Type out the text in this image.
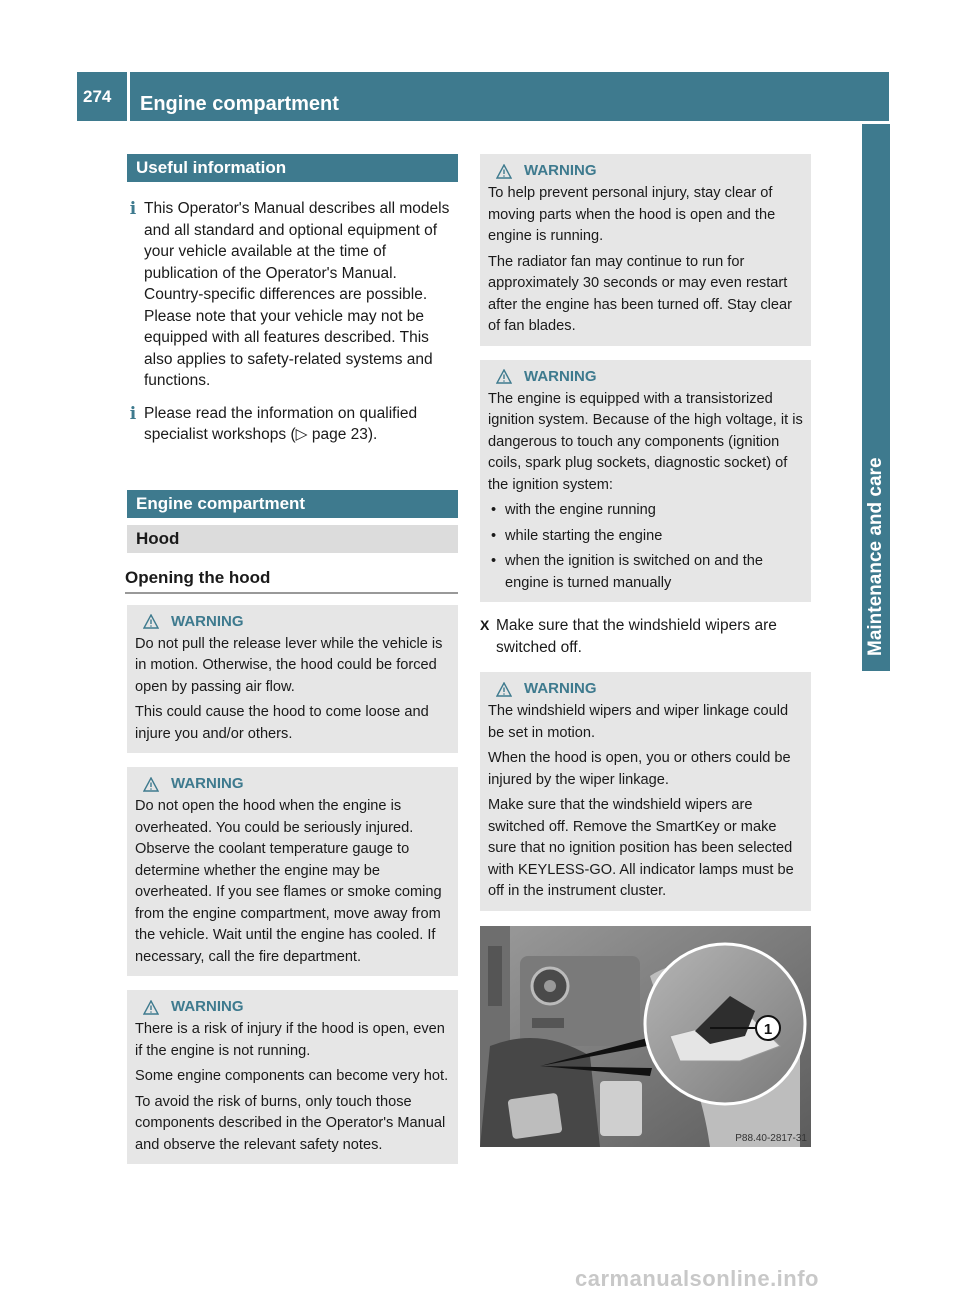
274	Engine compartment
Maintenance and care
Useful information
i This Operator's Manual describes all models and all standard and optional equipment of your vehicle available at the time of publication of the Operator's Manual. Country-specific differences are possible. Please note that your vehicle may not be equipped with all features described. This also applies to safety-related systems and functions.
i Please read the information on qualified specialist workshops (▷ page 23).
Engine compartment
Hood
Opening the hood
WARNING

Do not pull the release lever while the vehicle is in motion. Otherwise, the hood could be forced open by passing air flow.

This could cause the hood to come loose and injure you and/or others.

WARNING

Do not open the hood when the engine is overheated. You could be seriously injured. Observe the coolant temperature gauge to determine whether the engine may be overheated. If you see flames or smoke coming from the engine compartment, move away from the vehicle. Wait until the engine has cooled. If necessary, call the fire department.

WARNING

There is a risk of injury if the hood is open, even if the engine is not running.

Some engine components can become very hot.

To avoid the risk of burns, only touch those components described in the Operator's Manual and observe the relevant safety notes.

WARNING

To help prevent personal injury, stay clear of moving parts when the hood is open and the engine is running.

The radiator fan may continue to run for approximately 30 seconds or may even restart after the engine has been turned off. Stay clear of fan blades.

WARNING

The engine is equipped with a transistorized ignition system. Because of the high voltage, it is dangerous to touch any components (ignition coils, spark plug sockets, diagnostic socket) of the ignition system:

• with the engine running

• while starting the engine

• when the ignition is switched on and the engine is turned manually

X Make sure that the windshield wipers are switched off.
WARNING

The windshield wipers and wiper linkage could be set in motion.

When the hood is open, you or others could be injured by the wiper linkage.

Make sure that the windshield wipers are switched off. Remove the SmartKey or make sure that no ignition position has been selected with KEYLESS-GO. All indicator lamps must be off in the instrument cluster.

1
P88.40-2817-31
carmanualsonline.info
